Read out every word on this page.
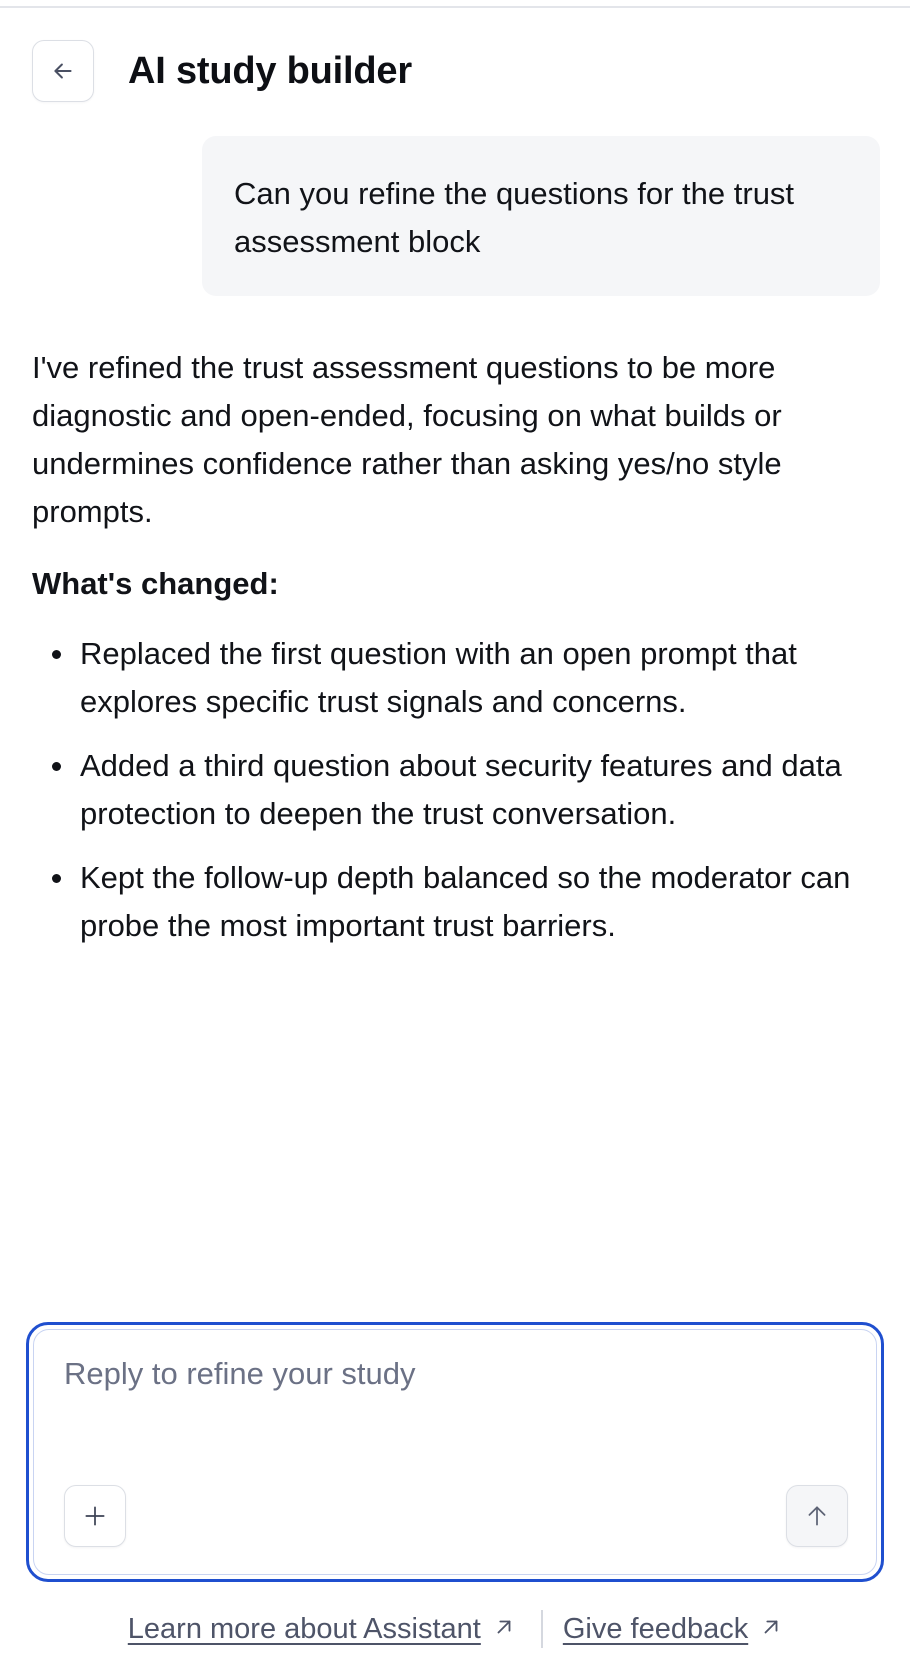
AI study builder
Can you refine the questions for the trust assessment block

I've refined the trust assessment questions to be more diagnostic and open-ended, focusing on what builds or undermines confidence rather than asking yes/no style prompts.

What's changed:

Replaced the first question with an open prompt that explores specific trust signals and concerns.
Added a third question about security features and data protection to deepen the trust conversation.
Kept the follow-up depth balanced so the moderator can probe the most important trust barriers.
Reply to refine your study
Learn more about Assistant	Give feedback
